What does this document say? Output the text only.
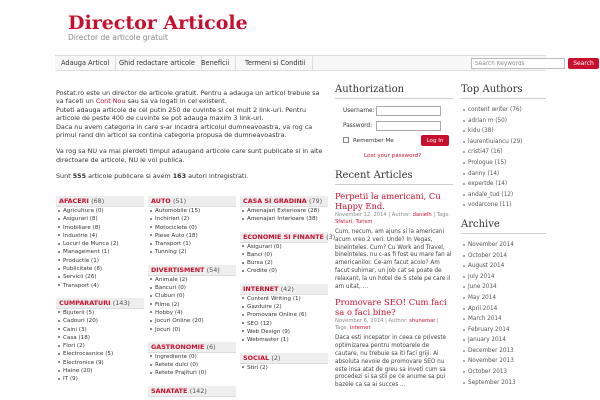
Director Articole
Director de articole gratuit
Adauga Articol	Ghid redactare articole Beneficii	Termeni si Conditii
Search Keywords	Search

Postat.ro este un director de articole gratuit. Pentru a adauga un articol trebuie sa va faceti un Cont Nou sau sa va logati in cel existent.
Puteti adauga articole de cel putin 250 de cuvinte si cel mult 2 link-uri. Pentru articole de peste 400 de cuvinte se pot adauga maxim 3 link-uri.
Daca nu avem categoria in care s-ar incadra articolul dumneavoastra, va rog ca primul rand din articol sa contina categoria propusa de dumneavoastra.

Va rog sa NU va mai pierdeti timpul adaugand articole care sunt publicate si in alte directoare de articole, NU le voi publica.

Sunt 555 articole publicare si avem 163 autori intregistrati.

AFACERI (68)
Agricultura (0)
Asigurari (8)
Imobiliare (8)
Industrie (4)
Locuri de Munca (2)
Management (1)
Productie (1)
Publicitate (8)
Servicii (26)
Transport (4)
CUMPARATURI (143)
Bijuterii (5)
Cadouri (20)
Caini (3)
Casa (18)
Flori (2)
Electrocasnice (5)
Electronice (9)
Haine (20)
IT (9)
AUTO (51)
Automobile (15)
Inchirieri (2)
Motociclete (0)
Piese Auto (18)
Transport (1)
Tunning (2)
DIVERTISMENT (54)
Animale (2)
Bancuri (0)
Cluburi (0)
Filme (2)
Hobby (4)
Jocuri Online (20)
Jocuri (0)
GASTRONOMIE (6)
Ingrediente (0)
Retete dulci (0)
Retete Prajituri (0)
SANATATE (142)
CASA SI GRADINA (79)
Amenajari Exterioare (28)
Amenajari Interioare (38)
ECONOMIE SI FINANTE (3)
Asigurari (0)
Banci (0)
Bursa (2)
Credite (0)
INTERNET (42)
Content Writing (1)
Gazduire (2)
Promovare Online (6)
SEO (12)
Web Design (9)
Webmaster (1)
SOCIAL (2)
Stiri (2)
Authorization
Username:
Password:
Remember Me	Log In
Lost your password?
Recent Articles
Perpetii la americani, Cu Happy End.
November 12, 2014 | Author: danielh | Tags: Sfaturi, Turism
Cum, necum, am ajuns si la americani acum vreo 2 veri. Unde? In Vegas, bineinteles. Cum? Cu Work and Travel, bineinteles, nu c-as fi fost eu mare fan al americanilor. Ce-am facut acolo? Am facut suhimar, un job cat se poate de relaxant, la un hotel de 5 stele pe care il am uitat, ...
Promovare SEO! Cum faci sa o faci bine?
November 6, 2014 | Author: shunemar | Tags: Internet
Daca esti incepator in ceea ce priveste optimizarea pentru motoarele de cautare, nu trebuie sa iti faci griji. Ai absoluta nevoie de promovare SEO nu este insa atat de greu sa inveti cum sa procedezi si sa stii pe ce anume sa pui bazele ca sa ai succes ...
Top Authors
content writer (76)
adrian m (50)
kidu (38)
laurentiuiancu (29)
cristi47 (16)
Prologue (15)
danny (14)
expertde (14)
andale_tud (12)
vodarcone (11)
Archive
November 2014
October 2014
August 2014
July 2014
June 2014
May 2014
April 2014
March 2014
February 2014
January 2014
December 2013
November 2013
October 2013
September 2013
